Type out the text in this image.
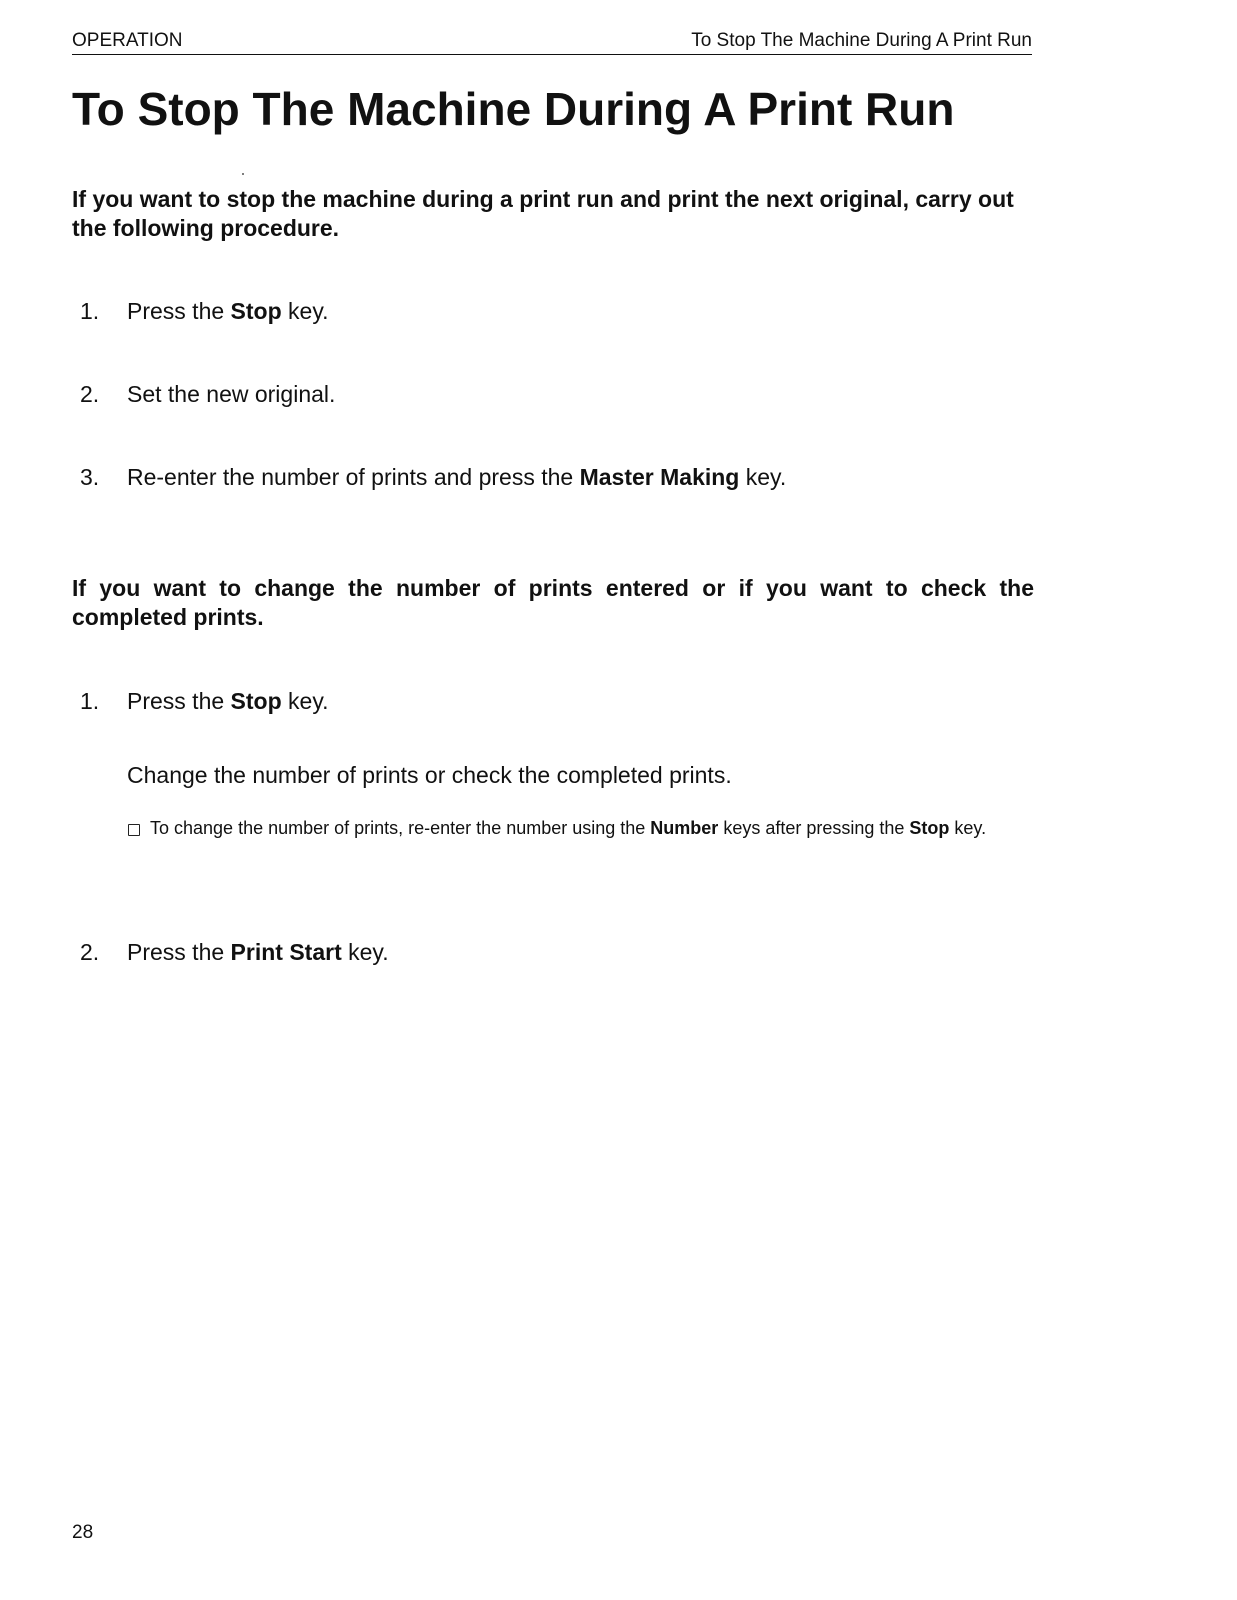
OPERATION	To Stop The Machine During A Print Run
To Stop The Machine During A Print Run

If you want to stop the machine during a print run and print the next original, carry out the following procedure.

1. Press the Stop key.
2. Set the new original.
3. Re-enter the number of prints and press the Master Making key.

If you want to change the number of prints entered or if you want to check the completed prints.

1. Press the Stop key.

Change the number of prints or check the completed prints.

To change the number of prints, re-enter the number using the Number keys after pressing the Stop key.
2. Press the Print Start key.
28
